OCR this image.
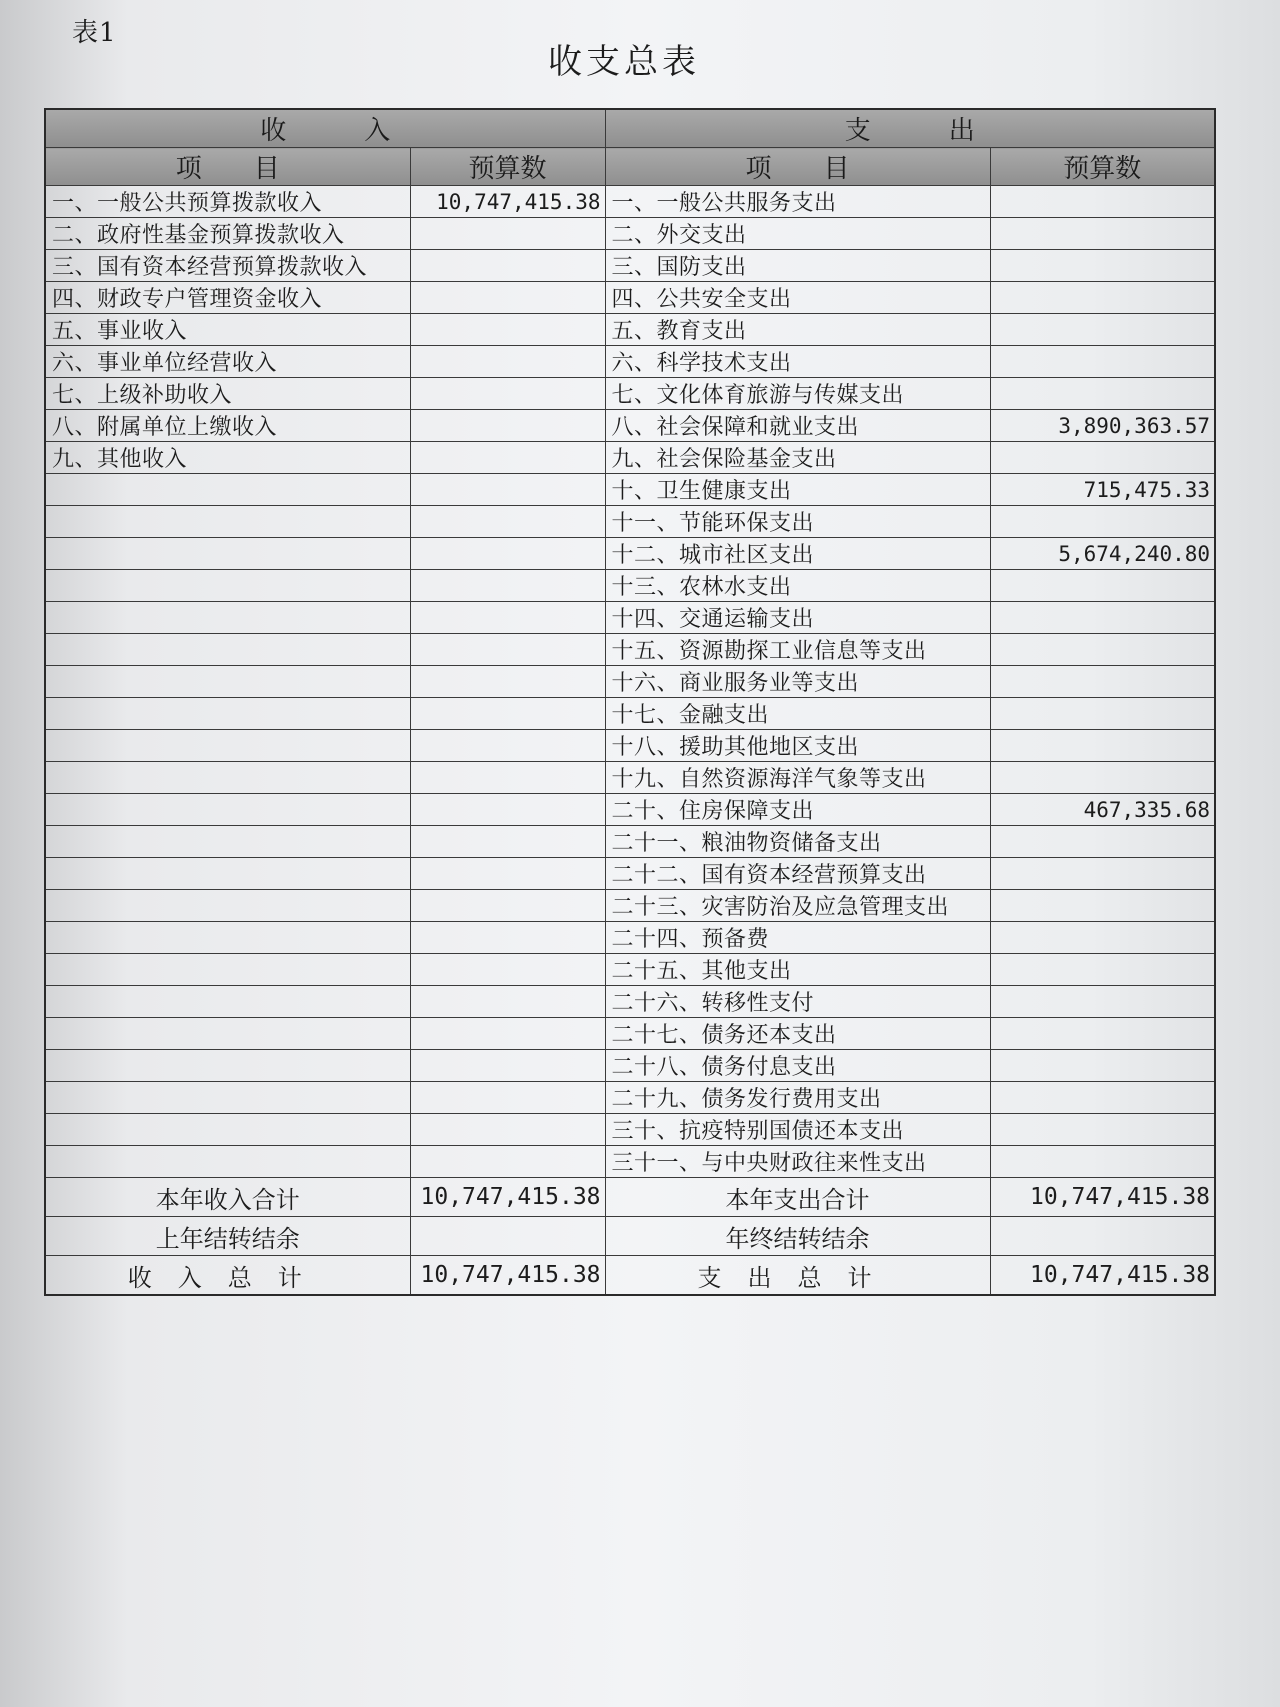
表1
收支总表
收　　　入		支　　　出	
项　　目	预算数	项　　目	预算数
一、一般公共预算拨款收入	10,747,415.38	一、一般公共服务支出	
二、政府性基金预算拨款收入		二、外交支出	
三、国有资本经营预算拨款收入		三、国防支出	
四、财政专户管理资金收入		四、公共安全支出	
五、事业收入		五、教育支出	
六、事业单位经营收入		六、科学技术支出	
七、上级补助收入		七、文化体育旅游与传媒支出	
八、附属单位上缴收入		八、社会保障和就业支出	3,890,363.57
九、其他收入		九、社会保险基金支出	
		十、卫生健康支出	715,475.33
		十一、节能环保支出	
		十二、城市社区支出	5,674,240.80
		十三、农林水支出	
		十四、交通运输支出	
		十五、资源勘探工业信息等支出	
		十六、商业服务业等支出	
		十七、金融支出	
		十八、援助其他地区支出	
		十九、自然资源海洋气象等支出	
		二十、住房保障支出	467,335.68
		二十一、粮油物资储备支出	
		二十二、国有资本经营预算支出	
		二十三、灾害防治及应急管理支出	
		二十四、预备费	
		二十五、其他支出	
		二十六、转移性支付	
		二十七、债务还本支出	
		二十八、债务付息支出	
		二十九、债务发行费用支出	
		三十、抗疫特别国债还本支出	
		三十一、与中央财政往来性支出	
本年收入合计	10,747,415.38	本年支出合计	10,747,415.38
上年结转结余		年终结转结余	
收入总计	10,747,415.38	支出总计	10,747,415.38
